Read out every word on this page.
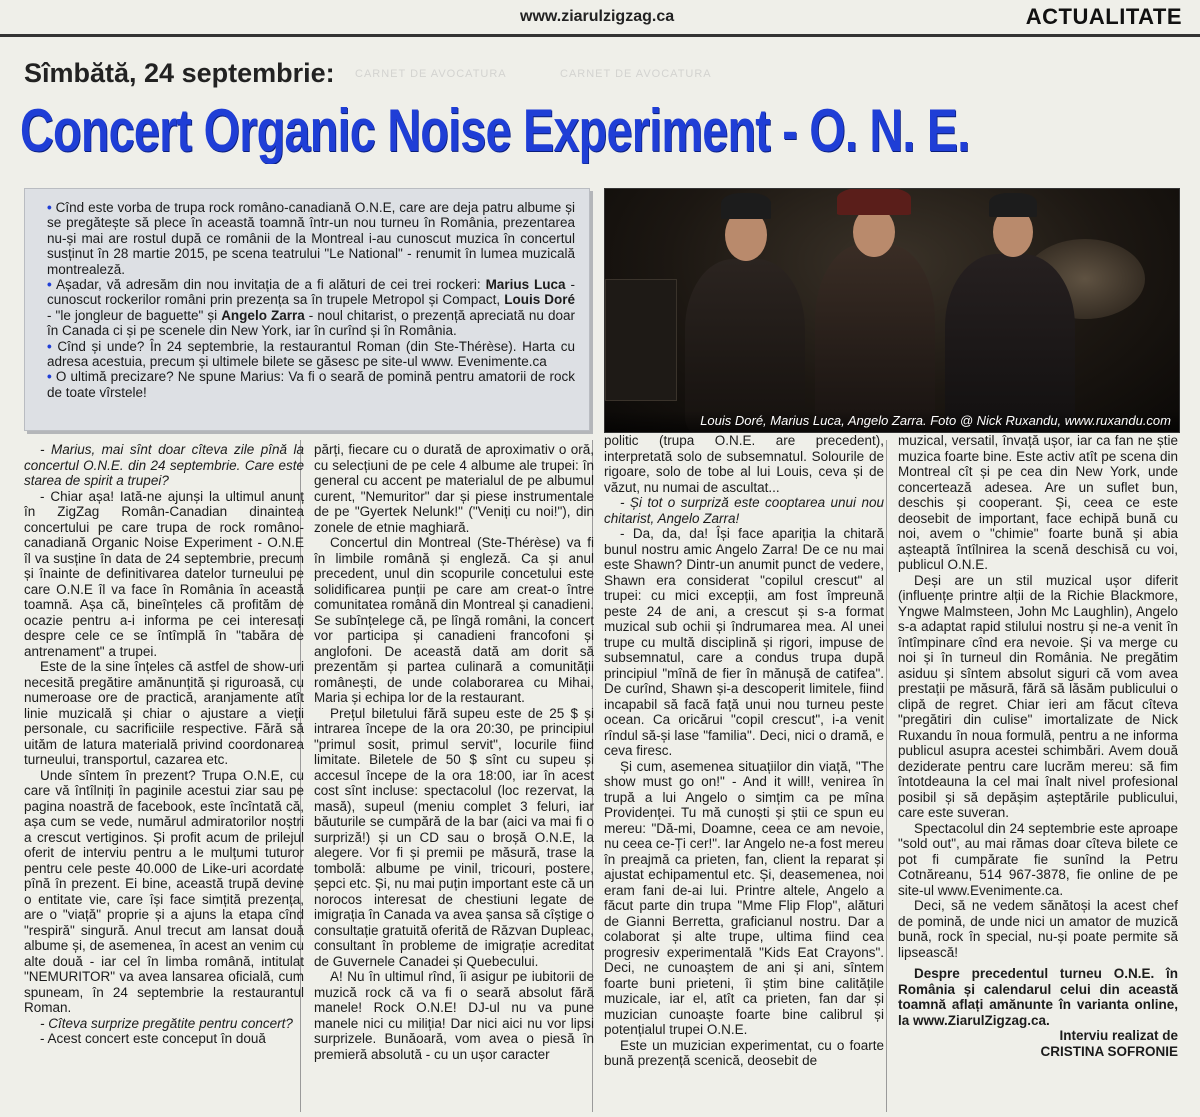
www.ziarulzigzag.ca	ACTUALITATE
Sîmbătă, 24 septembrie: CARNET DE AVOCATURA	CARNET DE AVOCATURA
Concert Organic Noise Experiment - O. N. E.

• Cînd este vorba de trupa rock româno-canadiană O.N.E, care are deja patru albume și se pregătește să plece în această toamnă într-un nou turneu în România, prezentarea nu-și mai are rostul după ce românii de la Montreal i-au cunoscut muzica în concertul susținut în 28 martie 2015, pe scena teatrului "Le National" - renumit în lumea muzicală montrealeză.

• Așadar, vă adresăm din nou invitația de a fi alături de cei trei rockeri: Marius Luca - cunoscut rockerilor români prin prezența sa în trupele Metropol și Compact, Louis Doré - "le jongleur de baguette" și Angelo Zarra - noul chitarist, o prezență apreciată nu doar în Canada ci și pe scenele din New York, iar în curînd și în România.

• Cînd și unde? În 24 septembrie, la restaurantul Roman (din Ste-Thérèse). Harta cu adresa acestuia, precum și ultimele bilete se găsesc pe site-ul www. Evenimente.ca

• O ultimă precizare? Ne spune Marius: Va fi o seară de pomină pentru amatorii de rock de toate vîrstele!

Louis Doré, Marius Luca, Angelo Zarra. Foto @ Nick Ruxandu, www.ruxandu.com

- Marius, mai sînt doar cîteva zile pînă la concertul O.N.E. din 24 septembrie. Care este starea de spirit a trupei?

- Chiar așa! Iată-ne ajunși la ultimul anunț în ZigZag Român-Canadian dinaintea concertului pe care trupa de rock româno-canadiană Organic Noise Experiment - O.N.E îl va susține în data de 24 septembrie, precum și înainte de definitivarea datelor turneului pe care O.N.E îl va face în România în această toamnă. Așa că, bineînțeles că profităm de ocazie pentru a-i informa pe cei interesați despre cele ce se întîmplă în "tabăra de antrenament" a trupei.

Este de la sine înțeles că astfel de show-uri necesită pregătire amănunțită și riguroasă, cu numeroase ore de practică, aranjamente atît linie muzicală și chiar o ajustare a vieții personale, cu sacrificiile respective. Fără să uităm de latura materială privind coordonarea turneului, transportul, cazarea etc.

Unde sîntem în prezent? Trupa O.N.E, cu care vă întîlniți în paginile acestui ziar sau pe pagina noastră de facebook, este încîntată că, așa cum se vede, numărul admiratorilor noștri a crescut vertiginos. Și profit acum de prilejul oferit de interviu pentru a le mulțumi tuturor pentru cele peste 40.000 de Like-uri acordate pînă în prezent. Ei bine, această trupă devine o entitate vie, care își face simțită prezența, are o "viață" proprie și a ajuns la etapa cînd "respiră" singură. Anul trecut am lansat două albume și, de asemenea, în acest an venim cu alte două - iar cel în limba română, intitulat "NEMURITOR" va avea lansarea oficială, cum spuneam, în 24 septembrie la restaurantul Roman.

- Cîteva surprize pregătite pentru concert?

- Acest concert este conceput în două

părți, fiecare cu o durată de aproximativ o oră, cu selecțiuni de pe cele 4 albume ale trupei: în general cu accent pe materialul de pe albumul curent, "Nemuritor" dar și piese instrumentale de pe "Gyertek Nelunk!" ("Veniți cu noi!"), din zonele de etnie maghiară.

Concertul din Montreal (Ste-Thérèse) va fi în limbile română și engleză. Ca și anul precedent, unul din scopurile concetului este solidificarea punții pe care am creat-o între comunitatea română din Montreal și canadieni. Se subînțelege că, pe lîngă români, la concert vor participa și canadieni francofoni și anglofoni. De această dată am dorit să prezentăm și partea culinară a comunității românești, de unde colaborarea cu Mihai, Maria și echipa lor de la restaurant.

Prețul biletului fără supeu este de 25 $ și intrarea începe de la ora 20:30, pe principiul "primul sosit, primul servit", locurile fiind limitate. Biletele de 50 $ sînt cu supeu și accesul începe de la ora 18:00, iar în acest cost sînt incluse: spectacolul (loc rezervat, la masă), supeul (meniu complet 3 feluri, iar băuturile se cumpără de la bar (aici va mai fi o surpriză!) și un CD sau o broșă O.N.E, la alegere. Vor fi și premii pe măsură, trase la tombolă: albume pe vinil, tricouri, postere, șepci etc. Și, nu mai puțin important este că un norocos interesat de chestiuni legate de imigrația în Canada va avea șansa să cîștige o consultație gratuită oferită de Răzvan Dupleac, consultant în probleme de imigrație acreditat de Guvernele Canadei și Quebecului.

A! Nu în ultimul rînd, îi asigur pe iubitorii de muzică rock că va fi o seară absolut fără manele! Rock O.N.E! DJ-ul nu va pune manele nici cu miliția! Dar nici aici nu vor lipsi surprizele. Bunăoară, vom avea o piesă în premieră absolută - cu un ușor caracter

politic (trupa O.N.E. are precedent), interpretată solo de subsemnatul. Solourile de rigoare, solo de tobe al lui Louis, ceva și de văzut, nu numai de ascultat...

- Și tot o surpriză este cooptarea unui nou chitarist, Angelo Zarra!

- Da, da, da! Își face apariția la chitară bunul nostru amic Angelo Zarra! De ce nu mai este Shawn? Dintr-un anumit punct de vedere, Shawn era considerat "copilul crescut" al trupei: cu mici excepții, am fost împreună peste 24 de ani, a crescut și s-a format muzical sub ochii și îndrumarea mea. Al unei trupe cu multă disciplină și rigori, impuse de subsemnatul, care a condus trupa după principiul "mînă de fier în mănușă de catifea". De curînd, Shawn și-a descoperit limitele, fiind incapabil să facă față unui nou turneu peste ocean. Ca oricărui "copil crescut", i-a venit rîndul să-și lase "familia". Deci, nici o dramă, e ceva firesc.

Și cum, asemenea situațiilor din viață, "The show must go on!" - And it will!, venirea în trupă a lui Angelo o simțim ca pe mîna Providenței. Tu mă cunoști și știi ce spun eu mereu: "Dă-mi, Doamne, ceea ce am nevoie, nu ceea ce-Ți cer!". Iar Angelo ne-a fost mereu în preajmă ca prieten, fan, client la reparat și ajustat echipamentul etc. Și, deasemenea, noi eram fani de-ai lui. Printre altele, Angelo a făcut parte din trupa "Mme Flip Flop", alături de Gianni Berretta, graficianul nostru. Dar a colaborat și alte trupe, ultima fiind cea progresiv experimentală "Kids Eat Crayons". Deci, ne cunoaștem de ani și ani, sîntem foarte buni prieteni, îi știm bine calitățile muzicale, iar el, atît ca prieten, fan dar și muzician cunoaște foarte bine calibrul și potențialul trupei O.N.E.

Este un muzician experimentat, cu o foarte bună prezență scenică, deosebit de

muzical, versatil, învață ușor, iar ca fan ne știe muzica foarte bine. Este activ atît pe scena din Montreal cît și pe cea din New York, unde concertează adesea. Are un suflet bun, deschis și cooperant. Și, ceea ce este deosebit de important, face echipă bună cu noi, avem o "chimie" foarte bună și abia așteaptă întîlnirea la scenă deschisă cu voi, publicul O.N.E.

Deși are un stil muzical ușor diferit (influențe printre alții de la Richie Blackmore, Yngwe Malmsteen, John Mc Laughlin), Angelo s-a adaptat rapid stilului nostru și ne-a venit în întîmpinare cînd era nevoie. Și va merge cu noi și în turneul din România. Ne pregătim asiduu și sîntem absolut siguri că vom avea prestații pe măsură, fără să lăsăm publicului o clipă de regret. Chiar ieri am făcut cîteva "pregătiri din culise" imortalizate de Nick Ruxandu în noua formulă, pentru a ne informa publicul asupra acestei schimbări. Avem două deziderate pentru care lucrăm mereu: să fim întotdeauna la cel mai înalt nivel profesional posibil și să depășim așteptările publicului, care este suveran.

Spectacolul din 24 septembrie este aproape "sold out", au mai rămas doar cîteva bilete ce pot fi cumpărate fie sunînd la Petru Cotnăreanu, 514 967-3878, fie online de pe site-ul www.Evenimente.ca.

Deci, să ne vedem sănătoși la acest chef de pomină, de unde nici un amator de muzică bună, rock în special, nu-și poate permite să lipsească!

Despre precedentul turneu O.N.E. în România și calendarul celui din această toamnă aflați amănunte în varianta online, la www.ZiarulZigzag.ca.

Interviu realizat de

CRISTINA SOFRONIE
